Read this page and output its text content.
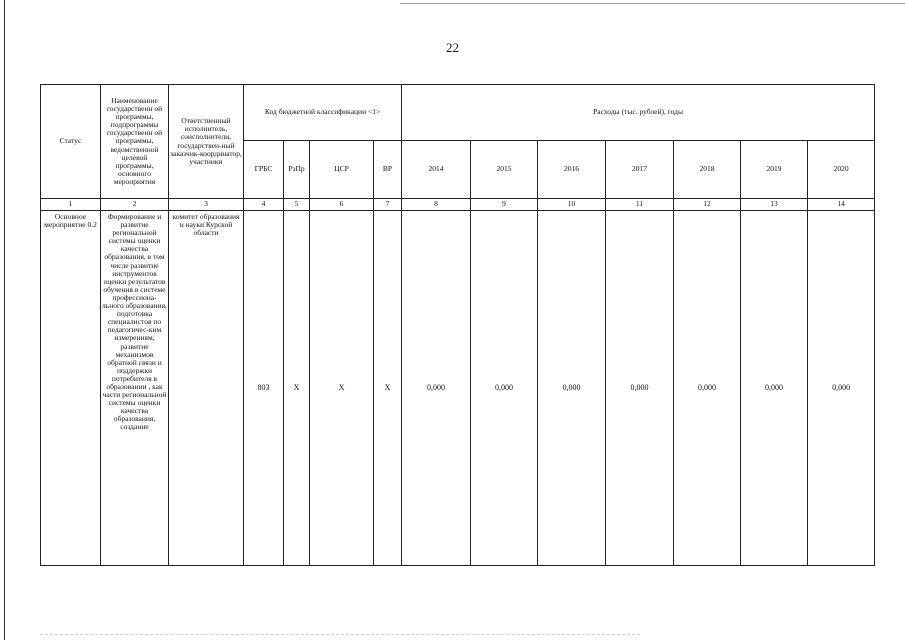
22
Статус	Наименование государственн ой программы, подпрограммы государственн ой программы, ведомственной целевой программы, основного мероприятия	Ответственный исполнитель, соисполнители, государствен-ный заказчик-координатор, участники	Код бюджетной классификации <1>				Расходы (тыс. рублей), годы						
			ГРБС	РзПр	ЦСР	ВР	2014	2015	2016	2017	2018	2019	2020
1	2	3	4	5	6	7	8	9	10	11	12	13	14
Основное мероприятие 0.2	Формирование и развитие региональной системы оценки качества образования, в том числе развитие инструментов оценки результатов обучения в системе профессиона-льного образования, подготовка специалистов по педагогичес-ким измерениям, развитие механизмов обратной связи и поддержки потребителя в образовании , как части региональной системы оценки качества образования, создание	комитет образования и науки Курской области	803	Х	Х	Х	0,000	0,000	0,000	0,000	0,000	0,000	0,000
